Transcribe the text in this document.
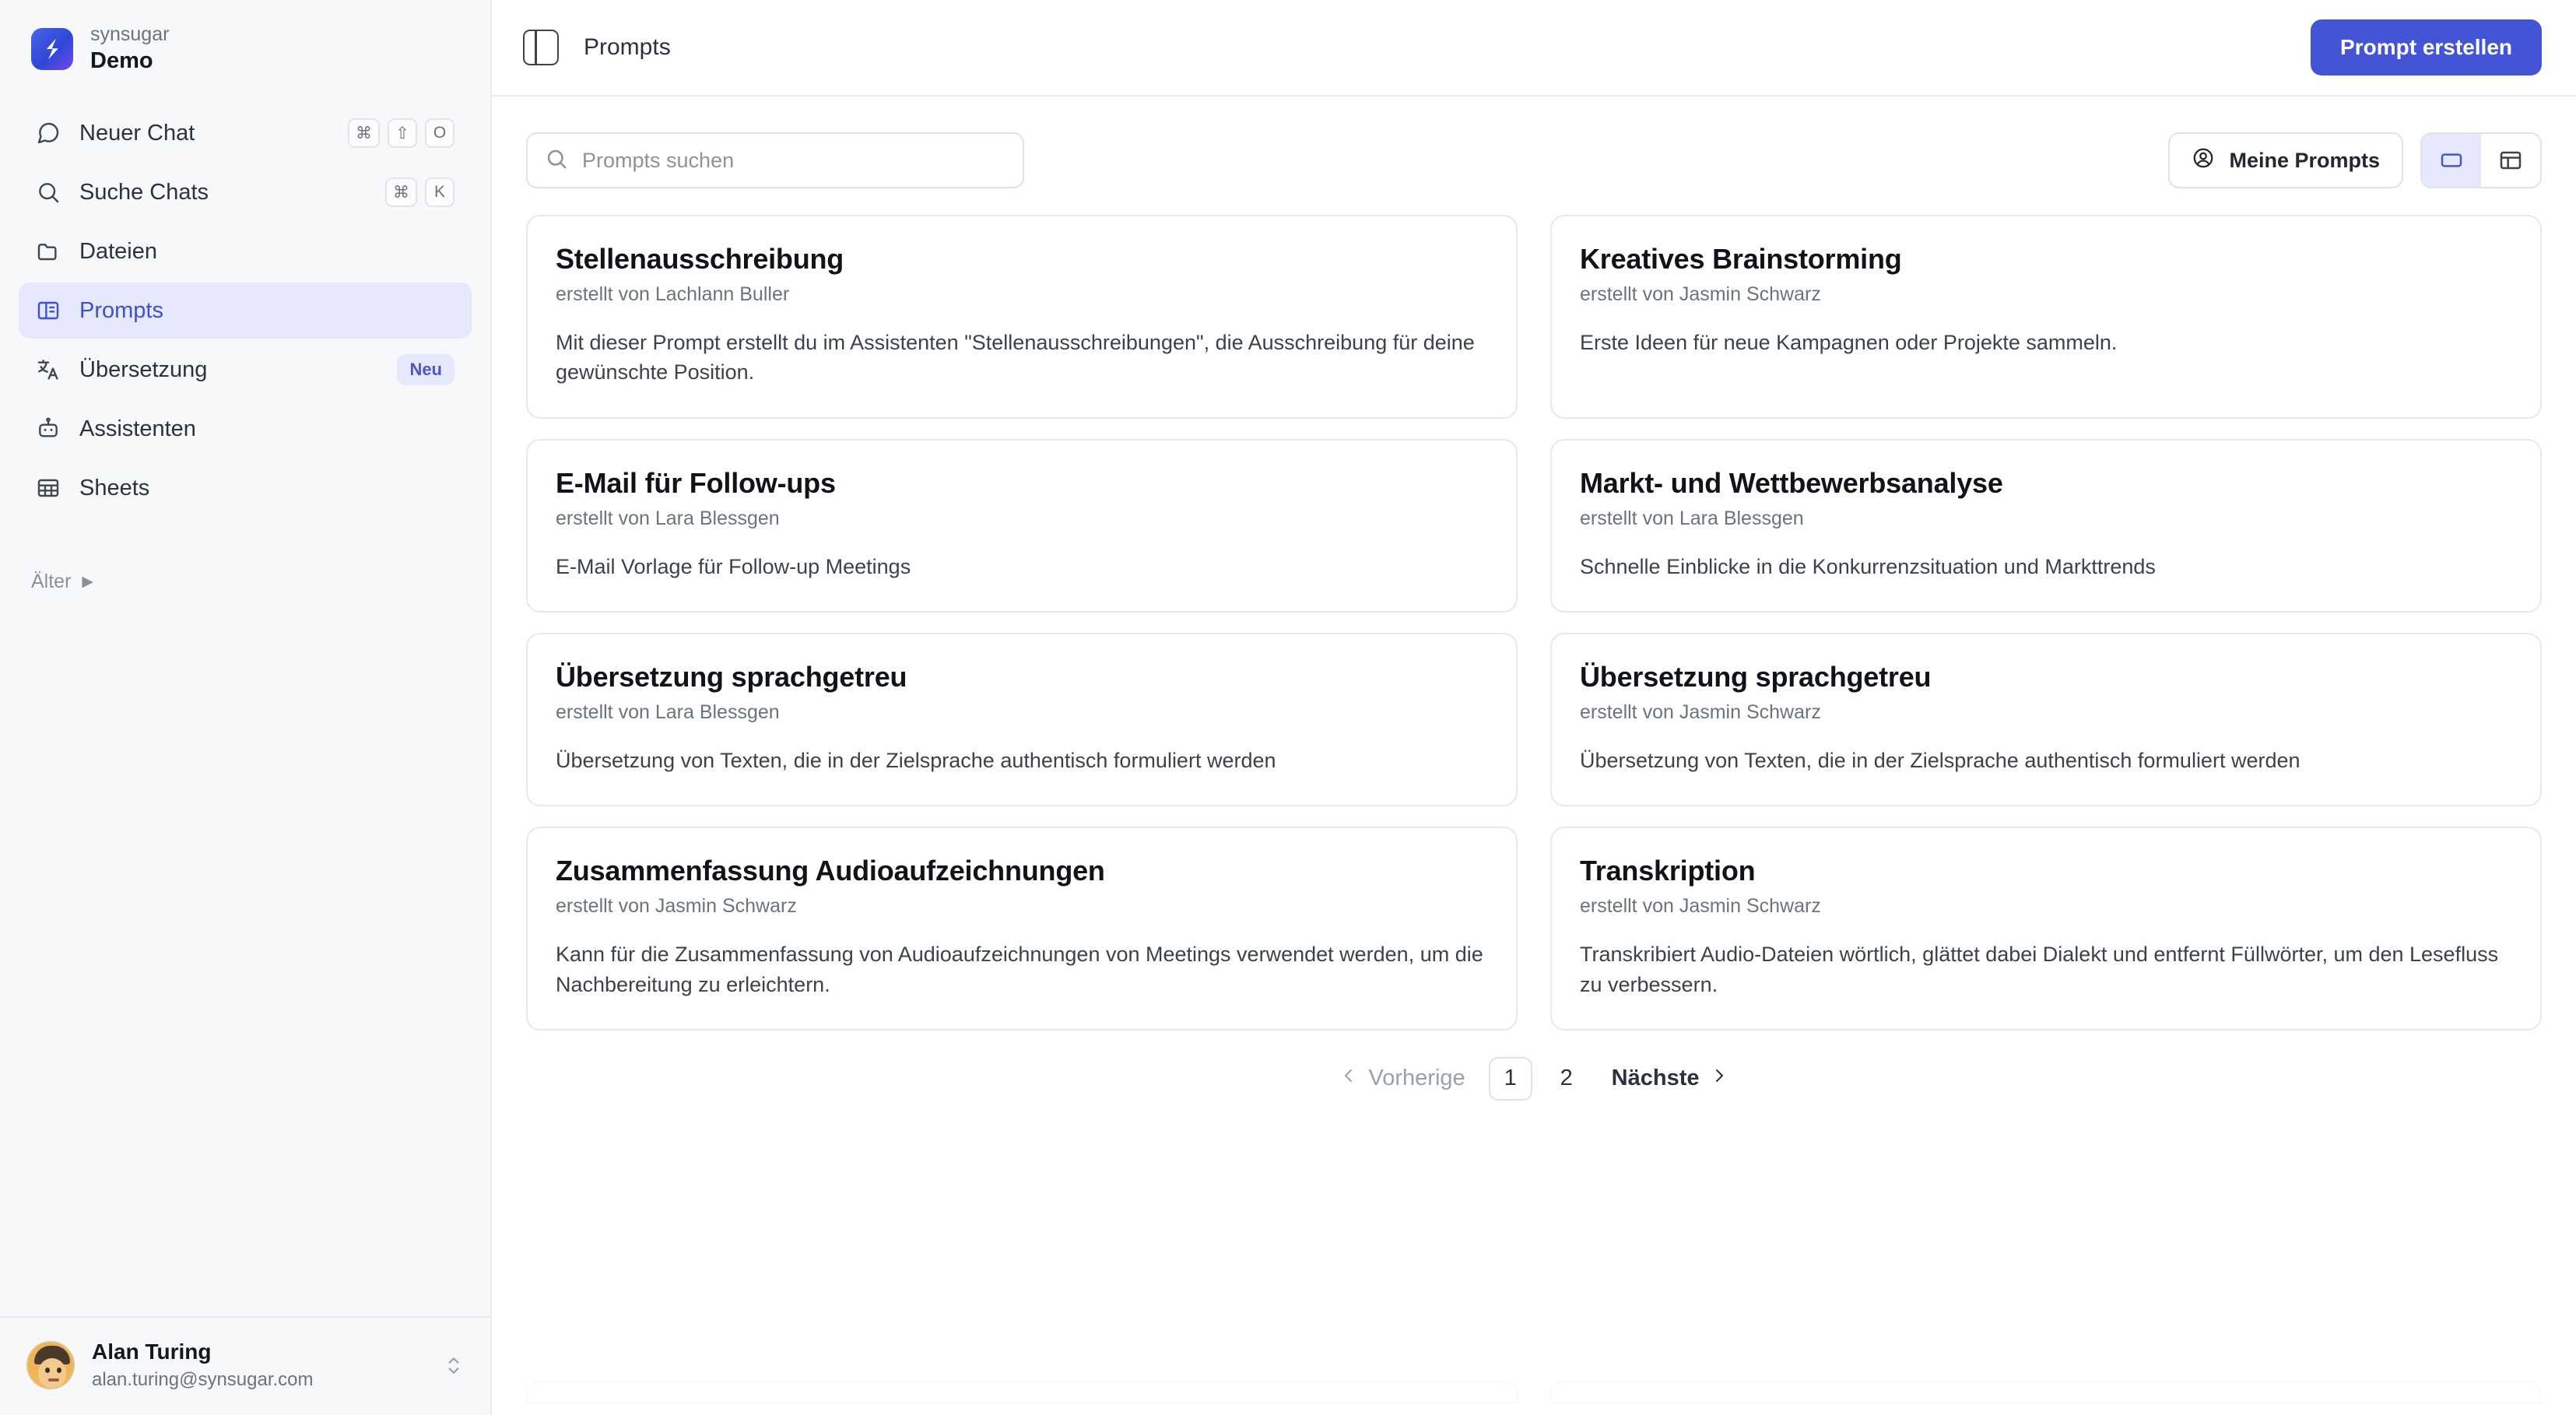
synsugar
Demo
Neuer Chat	⌘	⇧	O
Suche Chats	⌘	K
Dateien
Prompts
Übersetzung	Neu
Assistenten
Sheets
Älter ▶
Alan Turing
alan.turing@synsugar.com
Prompts	Prompt erstellen
Prompts suchen
Meine Prompts
Stellenausschreibung
erstellt von Lachlann Buller
Mit dieser Prompt erstellt du im Assistenten "Stellenausschreibungen", die Ausschreibung für deine gewünschte Position.
Kreatives Brainstorming
erstellt von Jasmin Schwarz
Erste Ideen für neue Kampagnen oder Projekte sammeln.
E-Mail für Follow-ups
erstellt von Lara Blessgen
E-Mail Vorlage für Follow-up Meetings
Markt- und Wettbewerbsanalyse
erstellt von Lara Blessgen
Schnelle Einblicke in die Konkurrenzsituation und Markttrends
Übersetzung sprachgetreu
erstellt von Lara Blessgen
Übersetzung von Texten, die in der Zielsprache authentisch formuliert werden
Übersetzung sprachgetreu
erstellt von Jasmin Schwarz
Übersetzung von Texten, die in der Zielsprache authentisch formuliert werden
Zusammenfassung Audioaufzeichnungen
erstellt von Jasmin Schwarz
Kann für die Zusammenfassung von Audioaufzeichnungen von Meetings verwendet werden, um die Nachbereitung zu erleichtern.
Transkription
erstellt von Jasmin Schwarz
Transkribiert Audio-Dateien wörtlich, glättet dabei Dialekt und entfernt Füllwörter, um den Lesefluss zu verbessern.
Vorherige	1	2	Nächste
